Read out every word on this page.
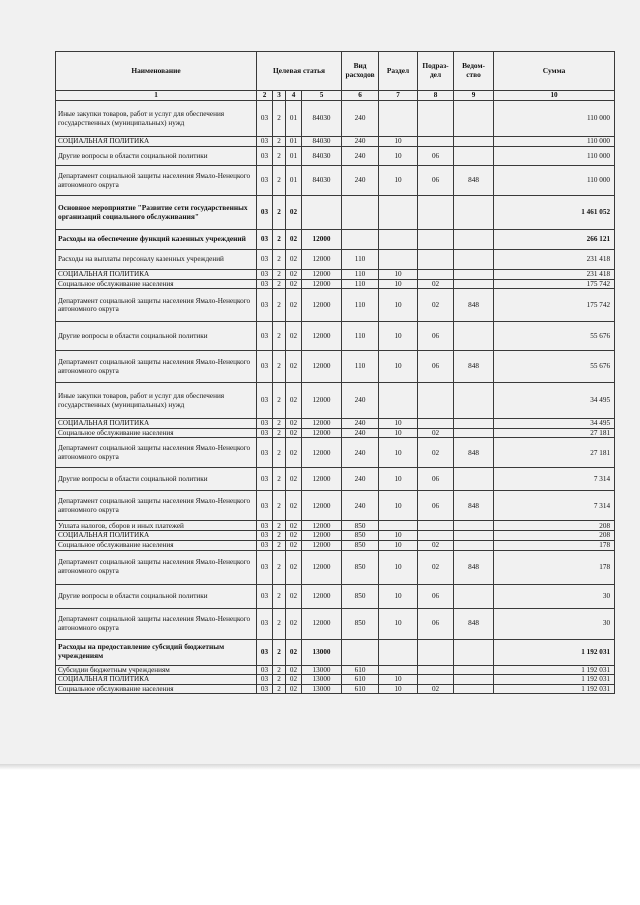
Наименование	Целевая статья				Вид расходов	Раздел	Подраз-дел	Ведом-ство	Сумма
1	2	3	4	5	6	7	8	9	10
Иные закупки товаров, работ и услуг для обеспечения государственных (муниципальных) нужд	03	2	01	84030	240				110 000
СОЦИАЛЬНАЯ ПОЛИТИКА	03	2	01	84030	240	10			110 000
Другие вопросы в области социальной политики	03	2	01	84030	240	10	06		110 000
Департамент социальной защиты населения Ямало-Ненецкого автономного округа	03	2	01	84030	240	10	06	848	110 000
Основное мероприятие "Развитие сети государственных организаций социального обслуживания"	03	2	02						1 461 052
Расходы на обеспечение функций казенных учреждений	03	2	02	12000					266 121
Расходы на выплаты персоналу казенных учреждений	03	2	02	12000	110				231 418
СОЦИАЛЬНАЯ ПОЛИТИКА	03	2	02	12000	110	10			231 418
Социальное обслуживание населения	03	2	02	12000	110	10	02		175 742
Департамент социальной защиты населения Ямало-Ненецкого автономного округа	03	2	02	12000	110	10	02	848	175 742
Другие вопросы в области социальной политики	03	2	02	12000	110	10	06		55 676
Департамент социальной защиты населения Ямало-Ненецкого автономного округа	03	2	02	12000	110	10	06	848	55 676
Иные закупки товаров, работ и услуг для обеспечения государственных (муниципальных) нужд	03	2	02	12000	240				34 495
СОЦИАЛЬНАЯ ПОЛИТИКА	03	2	02	12000	240	10			34 495
Социальное обслуживание населения	03	2	02	12000	240	10	02		27 181
Департамент социальной защиты населения Ямало-Ненецкого автономного округа	03	2	02	12000	240	10	02	848	27 181
Другие вопросы в области социальной политики	03	2	02	12000	240	10	06		7 314
Департамент социальной защиты населения Ямало-Ненецкого автономного округа	03	2	02	12000	240	10	06	848	7 314
Уплата налогов, сборов и иных платежей	03	2	02	12000	850				208
СОЦИАЛЬНАЯ ПОЛИТИКА	03	2	02	12000	850	10			208
Социальное обслуживание населения	03	2	02	12000	850	10	02		178
Департамент социальной защиты населения Ямало-Ненецкого автономного округа	03	2	02	12000	850	10	02	848	178
Другие вопросы в области социальной политики	03	2	02	12000	850	10	06		30
Департамент социальной защиты населения Ямало-Ненецкого автономного округа	03	2	02	12000	850	10	06	848	30
Расходы на предоставление субсидий бюджетным учреждениям	03	2	02	13000					1 192 031
Субсидии бюджетным учреждениям	03	2	02	13000	610				1 192 031
СОЦИАЛЬНАЯ ПОЛИТИКА	03	2	02	13000	610	10			1 192 031
Социальное обслуживание населения	03	2	02	13000	610	10	02		1 192 031
